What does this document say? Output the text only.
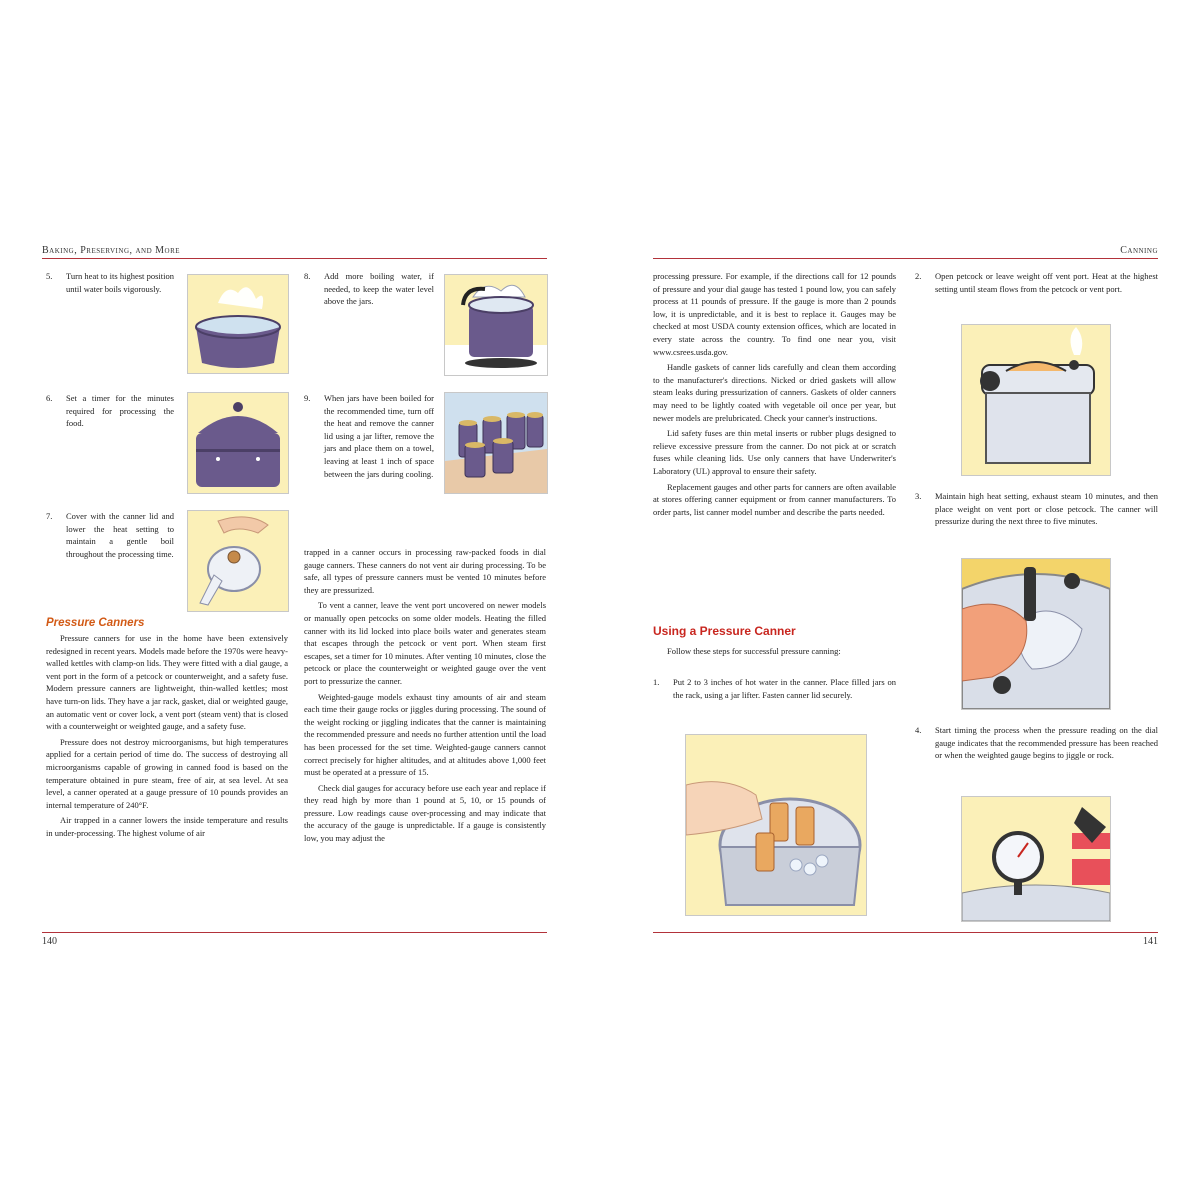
Baking, Preserving, and More
5. Turn heat to its highest position until water boils vigorously.
6. Set a timer for the minutes required for processing the food.
7. Cover with the canner lid and lower the heat setting to maintain a gentle boil throughout the processing time.
8. Add more boiling water, if needed, to keep the water level above the jars.
9. When jars have been boiled for the recommended time, turn off the heat and remove the canner lid using a jar lifter, remove the jars and place them on a towel, leaving at least 1 inch of space between the jars during cooling.
Pressure Canners

Pressure canners for use in the home have been extensively redesigned in recent years. Models made before the 1970s were heavy-walled kettles with clamp-on lids. They were fitted with a dial gauge, a vent port in the form of a petcock or counterweight, and a safety fuse. Modern pressure canners are lightweight, thin-walled kettles; most have turn-on lids. They have a jar rack, gasket, dial or weighted gauge, an automatic vent or cover lock, a vent port (steam vent) that is closed with a counterweight or weighted gauge, and a safety fuse.

Pressure does not destroy microorganisms, but high temperatures applied for a certain period of time do. The success of destroying all microorganisms capable of growing in canned food is based on the temperature obtained in pure steam, free of air, at sea level. At sea level, a canner operated at a gauge pressure of 10 pounds provides an internal temperature of 240°F.

Air trapped in a canner lowers the inside temperature and results in under-processing. The highest volume of air

trapped in a canner occurs in processing raw-packed foods in dial gauge canners. These canners do not vent air during processing. To be safe, all types of pressure canners must be vented 10 minutes before they are pressurized.

To vent a canner, leave the vent port uncovered on newer models or manually open petcocks on some older models. Heating the filled canner with its lid locked into place boils water and generates steam that escapes through the petcock or vent port. When steam first escapes, set a timer for 10 minutes. After venting 10 minutes, close the petcock or place the counterweight or weighted gauge over the vent port to pressurize the canner.

Weighted-gauge models exhaust tiny amounts of air and steam each time their gauge rocks or jiggles during processing. The sound of the weight rocking or jiggling indicates that the canner is maintaining the recommended pressure and needs no further attention until the load has been processed for the set time. Weighted-gauge canners cannot correct precisely for higher altitudes, and at altitudes above 1,000 feet must be operated at a pressure of 15.

Check dial gauges for accuracy before use each year and replace if they read high by more than 1 pound at 5, 10, or 15 pounds of pressure. Low readings cause over-processing and may indicate that the accuracy of the gauge is unpredictable. If a gauge is consistently low, you may adjust the

140
Canning

processing pressure. For example, if the directions call for 12 pounds of pressure and your dial gauge has tested 1 pound low, you can safely process at 11 pounds of pressure. If the gauge is more than 2 pounds low, it is unpredictable, and it is best to replace it. Gauges may be checked at most USDA county extension offices, which are located in every state across the country. To find one near you, visit www.csrees.usda.gov.

Handle gaskets of canner lids carefully and clean them according to the manufacturer's directions. Nicked or dried gaskets will allow steam leaks during pressurization of canners. Gaskets of older canners may need to be lightly coated with vegetable oil once per year, but newer models are prelubricated. Check your canner's instructions.

Lid safety fuses are thin metal inserts or rubber plugs designed to relieve excessive pressure from the canner. Do not pick at or scratch fuses while cleaning lids. Use only canners that have Underwriter's Laboratory (UL) approval to ensure their safety.

Replacement gauges and other parts for canners are often available at stores offering canner equipment or from canner manufacturers. To order parts, list canner model number and describe the parts needed.

Using a Pressure Canner

Follow these steps for successful pressure canning:

1. Put 2 to 3 inches of hot water in the canner. Place filled jars on the rack, using a jar lifter. Fasten canner lid securely.
2. Open petcock or leave weight off vent port. Heat at the highest setting until steam flows from the petcock or vent port.
3. Maintain high heat setting, exhaust steam 10 minutes, and then place weight on vent port or close petcock. The canner will pressurize during the next three to five minutes.
4. Start timing the process when the pressure reading on the dial gauge indicates that the recommended pressure has been reached or when the weighted gauge begins to jiggle or rock.
141
